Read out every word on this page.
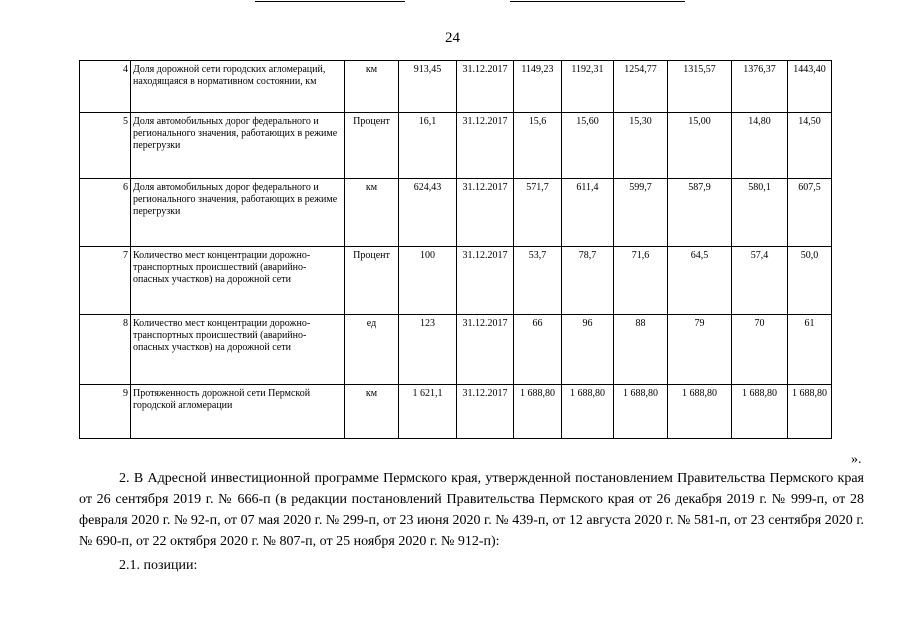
24
4	Доля дорожной сети городских агломераций, находящаяся в нормативном состоянии, км	км	913,45	31.12.2017	1149,23	1192,31	1254,77	1315,57	1376,37	1443,40
5	Доля автомобильных дорог федерального и регионального значения, работающих в режиме перегрузки	Процент	16,1	31.12.2017	15,6	15,60	15,30	15,00	14,80	14,50
6	Доля автомобильных дорог федерального и регионального значения, работающих в режиме перегрузки	км	624,43	31.12.2017	571,7	611,4	599,7	587,9	580,1	607,5
7	Количество мест концентрации дорожно-транспортных происшествий (аварийно-опасных участков) на дорожной сети	Процент	100	31.12.2017	53,7	78,7	71,6	64,5	57,4	50,0
8	Количество мест концентрации дорожно-транспортных происшествий (аварийно-опасных участков) на дорожной сети	ед	123	31.12.2017	66	96	88	79	70	61
9	Протяженность дорожной сети Пермской городской агломерации	км	1 621,1	31.12.2017	1 688,80	1 688,80	1 688,80	1 688,80	1 688,80	1 688,80
».
2. В Адресной инвестиционной программе Пермского края, утвержденной постановлением Правительства Пермского края от 26 сентября 2019 г. № 666-п (в редакции постановлений Правительства Пермского края от 26 декабря 2019 г. № 999-п, от 28 февраля 2020 г. № 92-п, от 07 мая 2020 г. № 299-п, от 23 июня 2020 г. № 439-п, от 12 августа 2020 г. № 581-п, от 23 сентября 2020 г. № 690-п, от 22 октября 2020 г. № 807-п, от 25 ноября 2020 г. № 912-п):
2.1. позиции:
